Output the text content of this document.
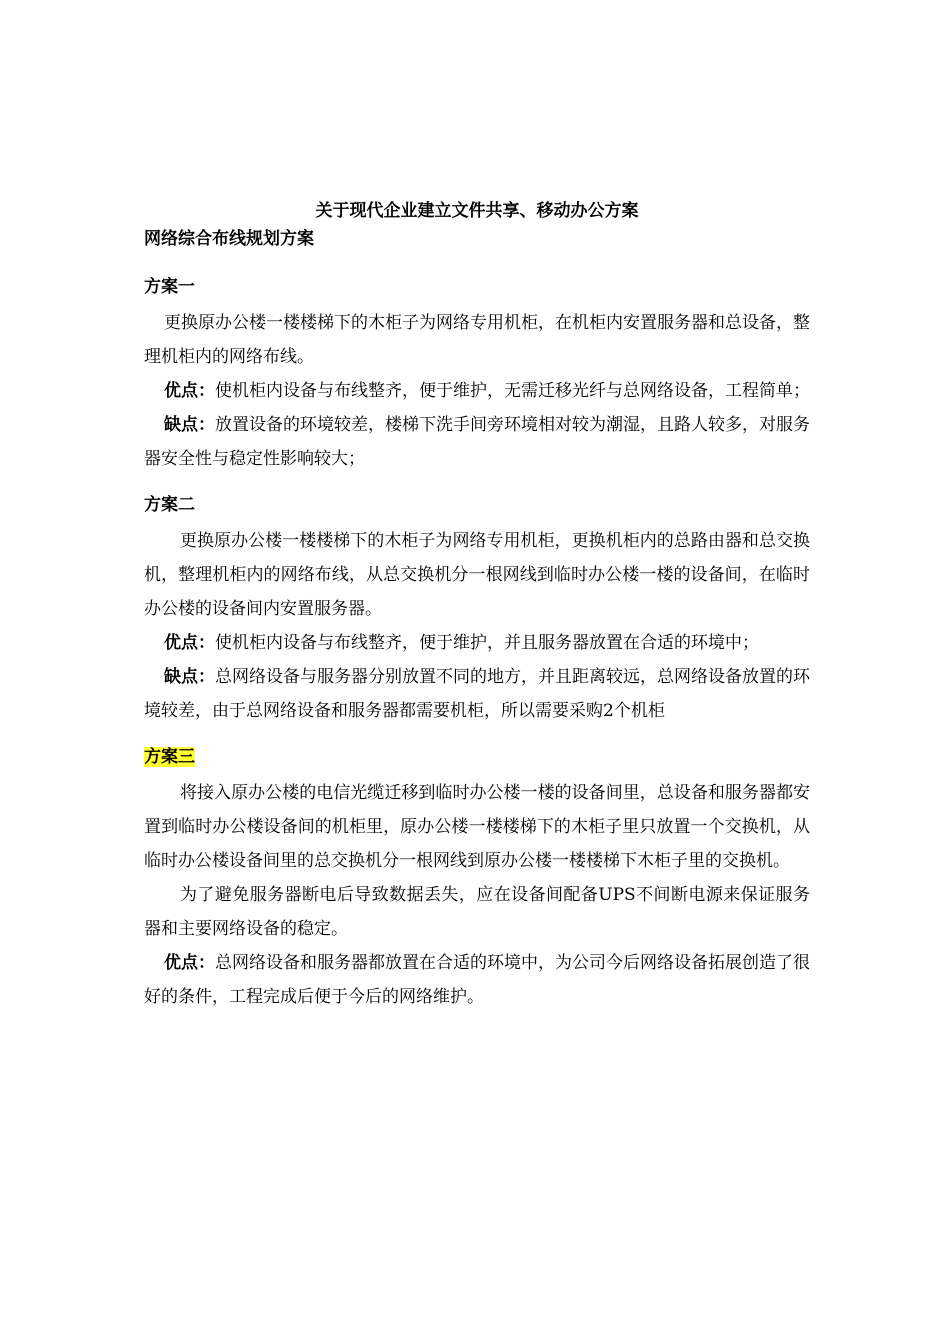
关于现代企业建立文件共享、移动办公方案
网络综合布线规划方案
方案一

更换原办公楼一楼楼梯下的木柜子为网络专用机柜，在机柜内安置服务器和总设备，整理机柜内的网络布线。

优点：使机柜内设备与布线整齐，便于维护，无需迁移光纤与总网络设备，工程简单；

缺点：放置设备的环境较差，楼梯下洗手间旁环境相对较为潮湿，且路人较多，对服务器安全性与稳定性影响较大；

方案二

更换原办公楼一楼楼梯下的木柜子为网络专用机柜，更换机柜内的总路由器和总交换机，整理机柜内的网络布线，从总交换机分一根网线到临时办公楼一楼的设备间，在临时办公楼的设备间内安置服务器。

优点：使机柜内设备与布线整齐，便于维护，并且服务器放置在合适的环境中；

缺点：总网络设备与服务器分别放置不同的地方，并且距离较远，总网络设备放置的环境较差，由于总网络设备和服务器都需要机柜，所以需要采购2个机柜

方案三

将接入原办公楼的电信光缆迁移到临时办公楼一楼的设备间里，总设备和服务器都安置到临时办公楼设备间的机柜里，原办公楼一楼楼梯下的木柜子里只放置一个交换机，从临时办公楼设备间里的总交换机分一根网线到原办公楼一楼楼梯下木柜子里的交换机。

为了避免服务器断电后导致数据丢失，应在设备间配备UPS不间断电源来保证服务器和主要网络设备的稳定。

优点：总网络设备和服务器都放置在合适的环境中，为公司今后网络设备拓展创造了很好的条件，工程完成后便于今后的网络维护。
